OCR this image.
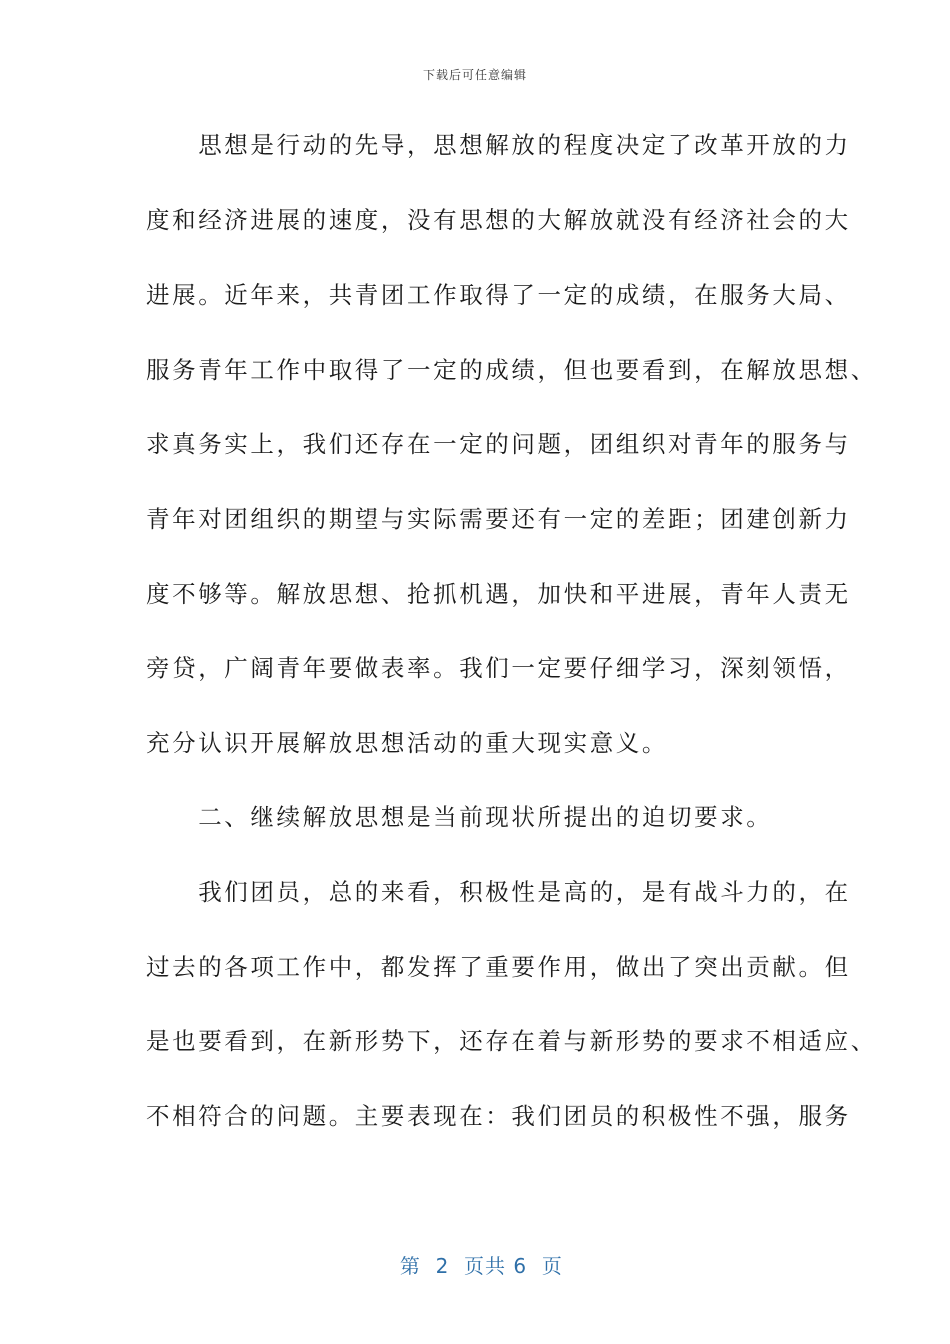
下载后可任意编辑
　　思想是行动的先导，思想解放的程度决定了改革开放的力
度和经济进展的速度，没有思想的大解放就没有经济社会的大
进展。近年来，共青团工作取得了一定的成绩，在服务大局、
服务青年工作中取得了一定的成绩，但也要看到，在解放思想、
求真务实上，我们还存在一定的问题，团组织对青年的服务与
青年对团组织的期望与实际需要还有一定的差距；团建创新力
度不够等。解放思想、抢抓机遇，加快和平进展，青年人责无
旁贷，广阔青年要做表率。我们一定要仔细学习，深刻领悟，
充分认识开展解放思想活动的重大现实意义。
　　二、继续解放思想是当前现状所提出的迫切要求。
　　我们团员，总的来看，积极性是高的，是有战斗力的，在
过去的各项工作中，都发挥了重要作用，做出了突出贡献。但
是也要看到，在新形势下，还存在着与新形势的要求不相适应、
不相符合的问题。主要表现在：我们团员的积极性不强，服务

第  2  页共 6  页
